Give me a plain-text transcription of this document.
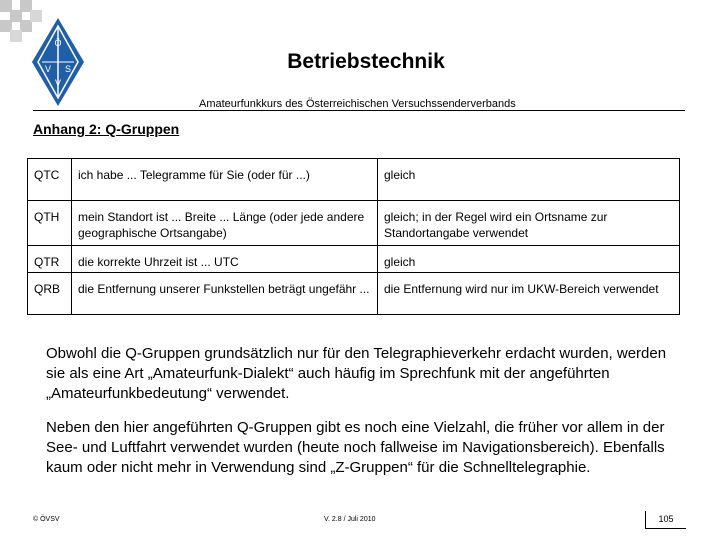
Ö
V S
V
Betriebstechnik
Amateurfunkkurs des Österreichischen Versuchssenderverbands
Anhang 2: Q-Gruppen
QTC	ich habe ... Telegramme für Sie (oder für ...)	gleich
QTH	mein Standort ist ... Breite ... Länge (oder jede andere geographische Ortsangabe)	gleich; in der Regel wird ein Ortsname zur Standortangabe verwendet
QTR	die korrekte Uhrzeit ist ... UTC	gleich
QRB	die Entfernung unserer Funkstellen beträgt ungefähr ...	die Entfernung wird nur im UKW-Bereich verwendet
Obwohl die Q-Gruppen grundsätzlich nur für den Telegraphieverkehr erdacht wurden, werden sie als eine Art „Amateurfunk-Dialekt“ auch häufig im Sprechfunk mit der angeführten „Amateurfunkbedeutung“ verwendet.
Neben den hier angeführten Q-Gruppen gibt es noch eine Vielzahl, die früher vor allem in der See- und Luftfahrt verwendet wurden (heute noch fallweise im Navigationsbereich). Ebenfalls kaum oder nicht mehr in Verwendung sind „Z-Gruppen“ für die Schnelltelegraphie.
© ÖVSV	V. 2.8 / Juli 2010	105
